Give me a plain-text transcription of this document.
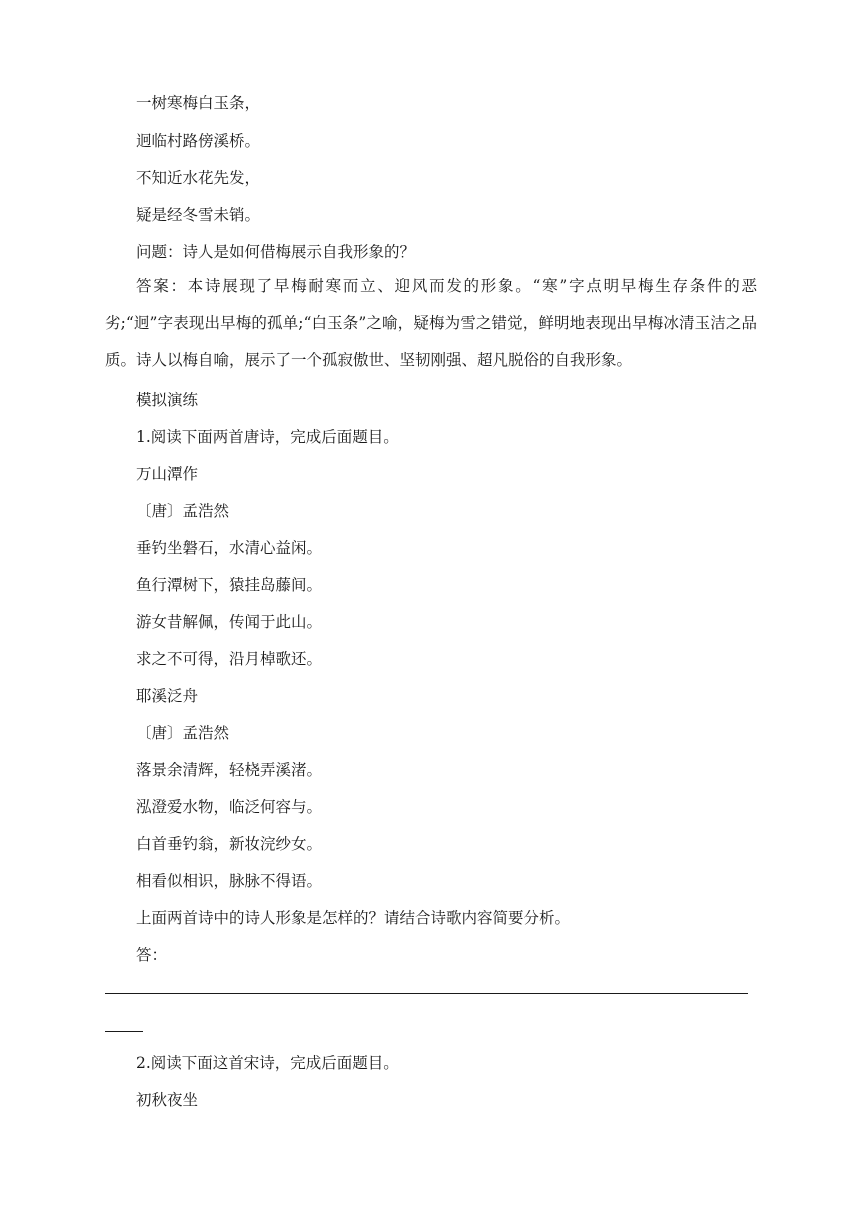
一树寒梅白玉条，
迥临村路傍溪桥。
不知近水花先发，
疑是经冬雪未销。
问题：诗人是如何借梅展示自我形象的？
答案：本诗展现了早梅耐寒而立、迎风而发的形象。“寒”字点明早梅生存条件的恶劣;“迥”字表现出早梅的孤单;“白玉条”之喻，疑梅为雪之错觉，鲜明地表现出早梅冰清玉洁之品质。诗人以梅自喻，展示了一个孤寂傲世、坚韧刚强、超凡脱俗的自我形象。
模拟演练
1.阅读下面两首唐诗，完成后面题目。
万山潭作
〔唐〕孟浩然
垂钓坐磐石，水清心益闲。
鱼行潭树下，猿挂岛藤间。
游女昔解佩，传闻于此山。
求之不可得，沿月棹歌还。
耶溪泛舟
〔唐〕孟浩然
落景余清辉，轻桡弄溪渚。
泓澄爱水物，临泛何容与。
白首垂钓翁，新妆浣纱女。
相看似相识，脉脉不得语。
上面两首诗中的诗人形象是怎样的？请结合诗歌内容简要分析。
答：
2.阅读下面这首宋诗，完成后面题目。
初秋夜坐
